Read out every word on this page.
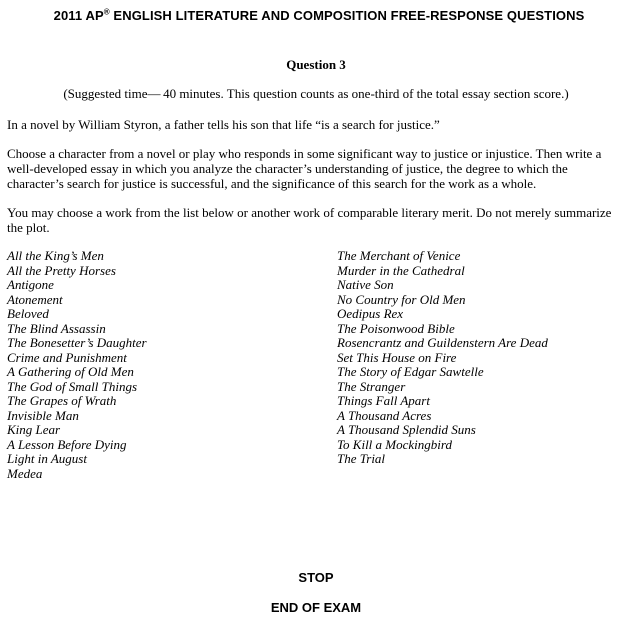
2011 AP® ENGLISH LITERATURE AND COMPOSITION FREE-RESPONSE QUESTIONS
Question 3
(Suggested time— 40 minutes. This question counts as one-third of the total essay section score.)

In a novel by William Styron, a father tells his son that life “is a search for justice.”

Choose a character from a novel or play who responds in some significant way to justice or injustice. Then write a well-developed essay in which you analyze the character’s understanding of justice, the degree to which the character’s search for justice is successful, and the significance of this search for the work as a whole.

You may choose a work from the list below or another work of comparable literary merit. Do not merely summarize the plot.

All the King’s Men
All the Pretty Horses
Antigone
Atonement
Beloved
The Blind Assassin
The Bonesetter’s Daughter
Crime and Punishment
A Gathering of Old Men
The God of Small Things
The Grapes of Wrath
Invisible Man
King Lear
A Lesson Before Dying
Light in August
Medea
The Merchant of Venice
Murder in the Cathedral
Native Son
No Country for Old Men
Oedipus Rex
The Poisonwood Bible
Rosencrantz and Guildenstern Are Dead
Set This House on Fire
The Story of Edgar Sawtelle
The Stranger
Things Fall Apart
A Thousand Acres
A Thousand Splendid Suns
To Kill a Mockingbird
The Trial
STOP
END OF EXAM
